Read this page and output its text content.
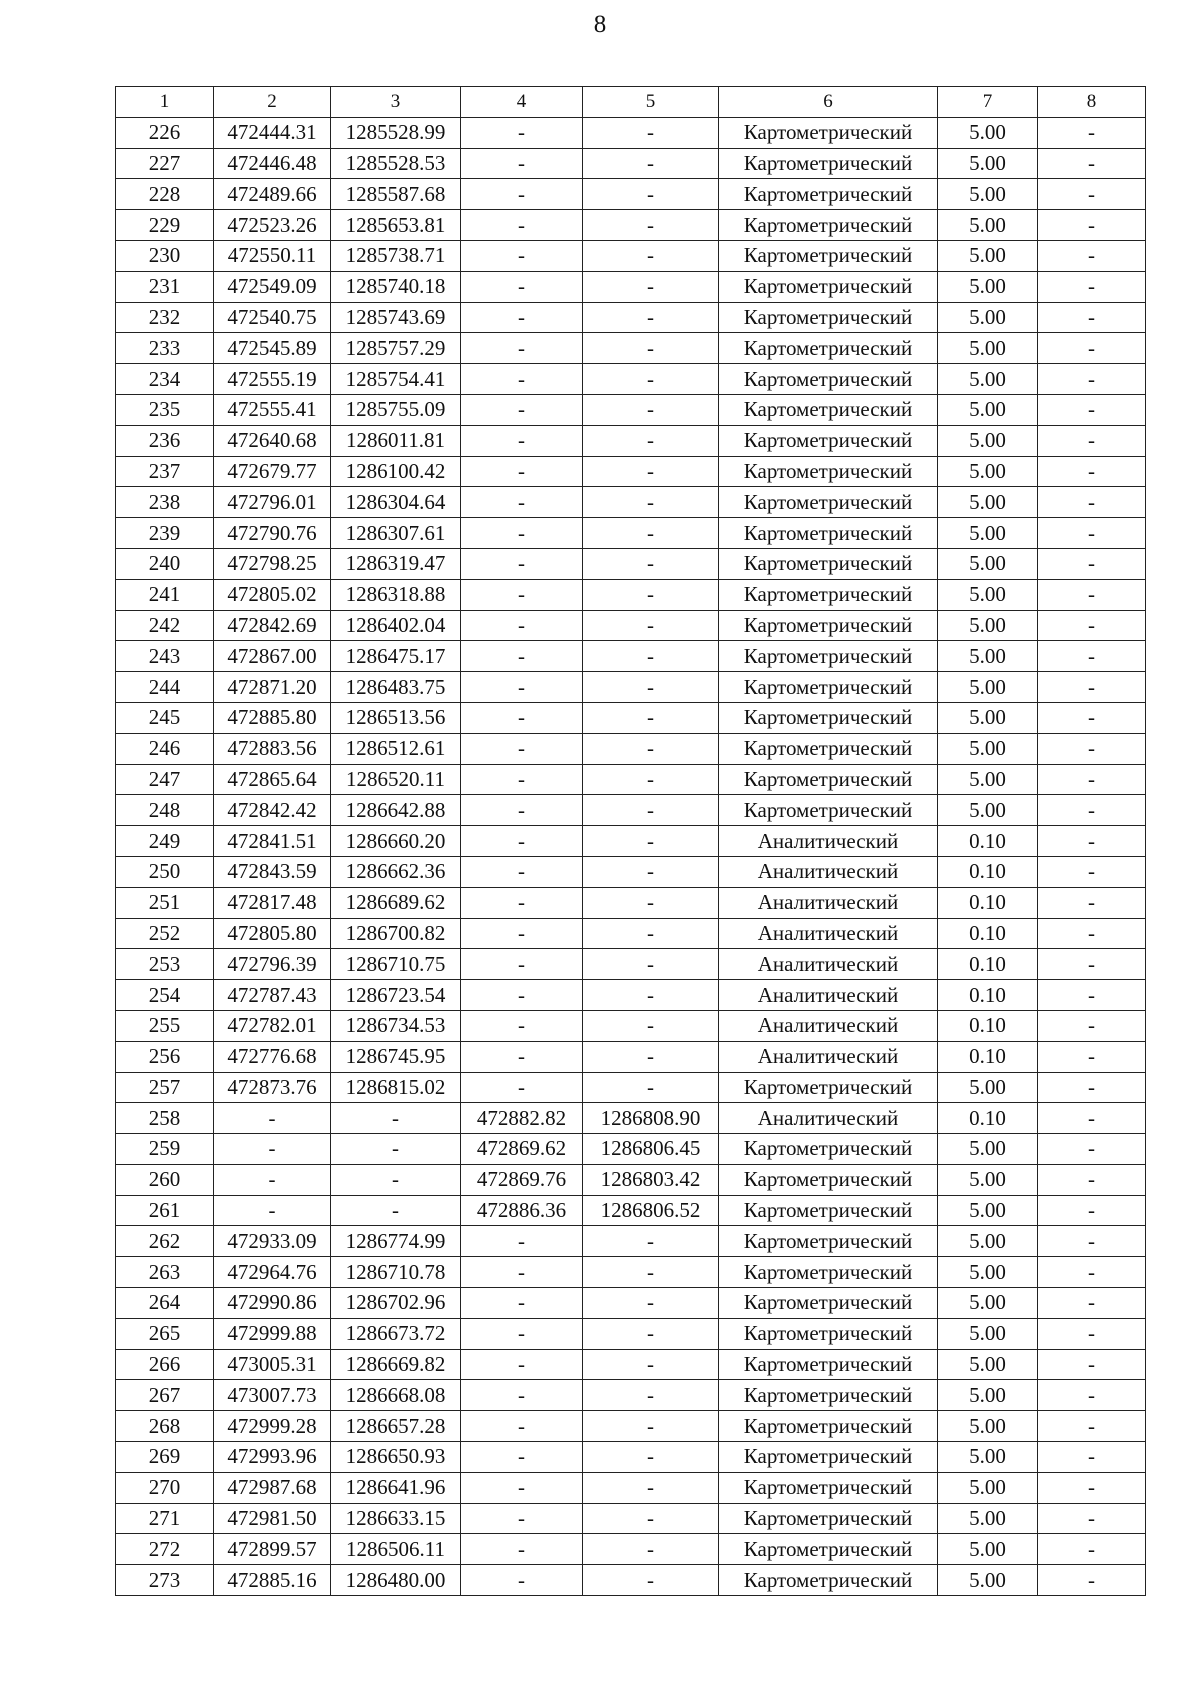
8
1	2	3	4	5	6	7	8
226	472444.31	1285528.99	-	-	Картометрический	5.00	-
227	472446.48	1285528.53	-	-	Картометрический	5.00	-
228	472489.66	1285587.68	-	-	Картометрический	5.00	-
229	472523.26	1285653.81	-	-	Картометрический	5.00	-
230	472550.11	1285738.71	-	-	Картометрический	5.00	-
231	472549.09	1285740.18	-	-	Картометрический	5.00	-
232	472540.75	1285743.69	-	-	Картометрический	5.00	-
233	472545.89	1285757.29	-	-	Картометрический	5.00	-
234	472555.19	1285754.41	-	-	Картометрический	5.00	-
235	472555.41	1285755.09	-	-	Картометрический	5.00	-
236	472640.68	1286011.81	-	-	Картометрический	5.00	-
237	472679.77	1286100.42	-	-	Картометрический	5.00	-
238	472796.01	1286304.64	-	-	Картометрический	5.00	-
239	472790.76	1286307.61	-	-	Картометрический	5.00	-
240	472798.25	1286319.47	-	-	Картометрический	5.00	-
241	472805.02	1286318.88	-	-	Картометрический	5.00	-
242	472842.69	1286402.04	-	-	Картометрический	5.00	-
243	472867.00	1286475.17	-	-	Картометрический	5.00	-
244	472871.20	1286483.75	-	-	Картометрический	5.00	-
245	472885.80	1286513.56	-	-	Картометрический	5.00	-
246	472883.56	1286512.61	-	-	Картометрический	5.00	-
247	472865.64	1286520.11	-	-	Картометрический	5.00	-
248	472842.42	1286642.88	-	-	Картометрический	5.00	-
249	472841.51	1286660.20	-	-	Аналитический	0.10	-
250	472843.59	1286662.36	-	-	Аналитический	0.10	-
251	472817.48	1286689.62	-	-	Аналитический	0.10	-
252	472805.80	1286700.82	-	-	Аналитический	0.10	-
253	472796.39	1286710.75	-	-	Аналитический	0.10	-
254	472787.43	1286723.54	-	-	Аналитический	0.10	-
255	472782.01	1286734.53	-	-	Аналитический	0.10	-
256	472776.68	1286745.95	-	-	Аналитический	0.10	-
257	472873.76	1286815.02	-	-	Картометрический	5.00	-
258	-	-	472882.82	1286808.90	Аналитический	0.10	-
259	-	-	472869.62	1286806.45	Картометрический	5.00	-
260	-	-	472869.76	1286803.42	Картометрический	5.00	-
261	-	-	472886.36	1286806.52	Картометрический	5.00	-
262	472933.09	1286774.99	-	-	Картометрический	5.00	-
263	472964.76	1286710.78	-	-	Картометрический	5.00	-
264	472990.86	1286702.96	-	-	Картометрический	5.00	-
265	472999.88	1286673.72	-	-	Картометрический	5.00	-
266	473005.31	1286669.82	-	-	Картометрический	5.00	-
267	473007.73	1286668.08	-	-	Картометрический	5.00	-
268	472999.28	1286657.28	-	-	Картометрический	5.00	-
269	472993.96	1286650.93	-	-	Картометрический	5.00	-
270	472987.68	1286641.96	-	-	Картометрический	5.00	-
271	472981.50	1286633.15	-	-	Картометрический	5.00	-
272	472899.57	1286506.11	-	-	Картометрический	5.00	-
273	472885.16	1286480.00	-	-	Картометрический	5.00	-
